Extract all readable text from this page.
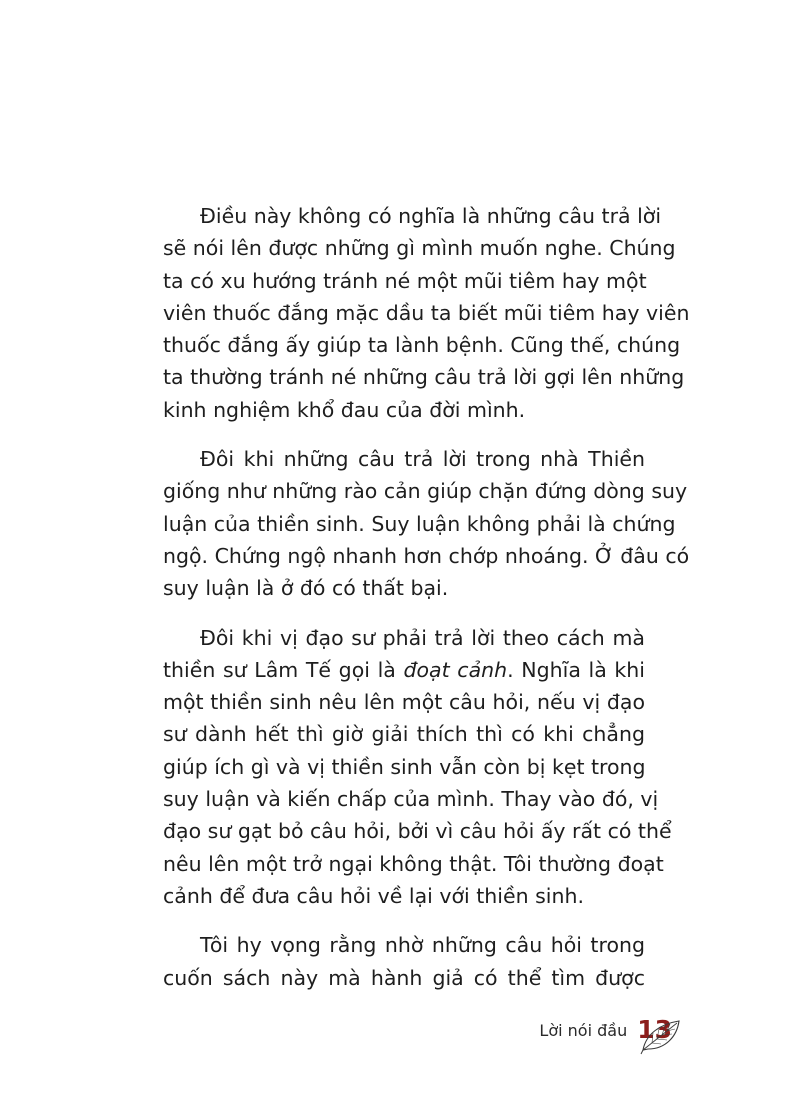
Điều này không có nghĩa là những câu trả lời
sẽ nói lên được những gì mình muốn nghe. Chúng
ta có xu hướng tránh né một mũi tiêm hay một
viên thuốc đắng mặc dầu ta biết mũi tiêm hay viên
thuốc đắng ấy giúp ta lành bệnh. Cũng thế, chúng
ta thường tránh né những câu trả lời gợi lên những
kinh nghiệm khổ đau của đời mình.
Đôi khi những câu trả lời trong nhà Thiền
giống như những rào cản giúp chặn đứng dòng suy
luận của thiền sinh. Suy luận không phải là chứng
ngộ. Chứng ngộ nhanh hơn chớp nhoáng. Ở đâu có
suy luận là ở đó có thất bại.
Đôi khi vị đạo sư phải trả lời theo cách mà
thiền sư Lâm Tế gọi là đoạt cảnh. Nghĩa là khi
một thiền sinh nêu lên một câu hỏi, nếu vị đạo
sư dành hết thì giờ giải thích thì có khi chẳng
giúp ích gì và vị thiền sinh vẫn còn bị kẹt trong
suy luận và kiến chấp của mình. Thay vào đó, vị
đạo sư gạt bỏ câu hỏi, bởi vì câu hỏi ấy rất có thể
nêu lên một trở ngại không thật. Tôi thường đoạt
cảnh để đưa câu hỏi về lại với thiền sinh.
Tôi hy vọng rằng nhờ những câu hỏi trong
cuốn sách này mà hành giả có thể tìm được
Lời nói đầu 13
